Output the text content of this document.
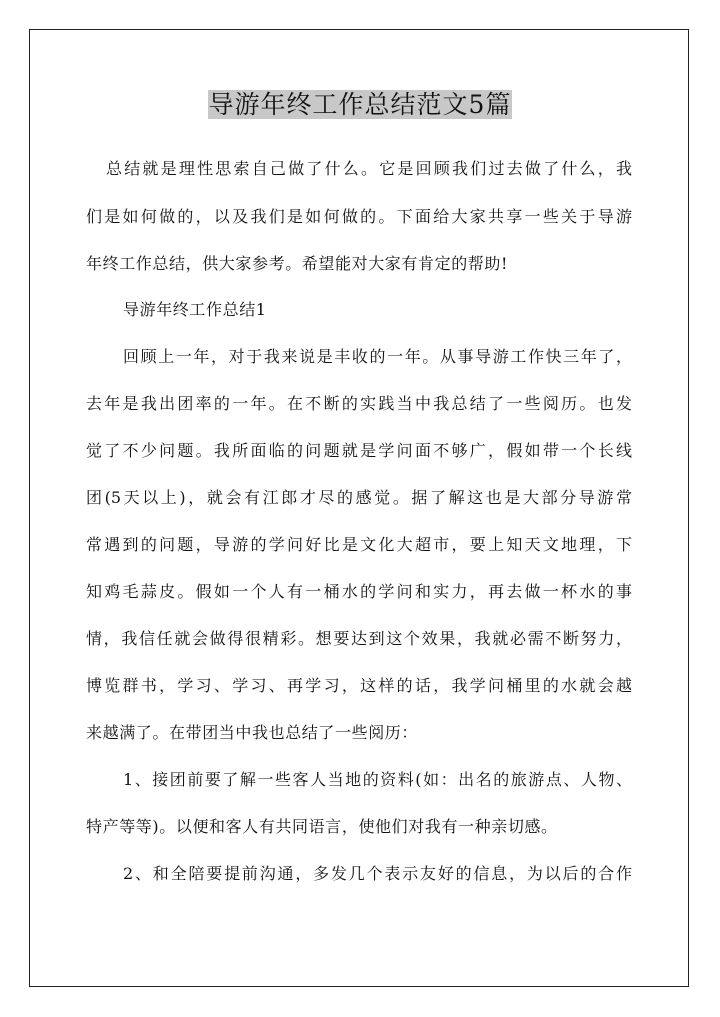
导游年终工作总结范文5篇
总结就是理性思索自己做了什么。它是回顾我们过去做了什么，我
们是如何做的，以及我们是如何做的。下面给大家共享一些关于导游
年终工作总结，供大家参考。希望能对大家有肯定的帮助!
导游年终工作总结1
回顾上一年，对于我来说是丰收的一年。从事导游工作快三年了，
去年是我出团率的一年。在不断的实践当中我总结了一些阅历。也发
觉了不少问题。我所面临的问题就是学问面不够广，假如带一个长线
团(5天以上)，就会有江郎才尽的感觉。据了解这也是大部分导游常
常遇到的问题，导游的学问好比是文化大超市，要上知天文地理，下
知鸡毛蒜皮。假如一个人有一桶水的学问和实力，再去做一杯水的事
情，我信任就会做得很精彩。想要达到这个效果，我就必需不断努力，
博览群书，学习、学习、再学习，这样的话，我学问桶里的水就会越
来越满了。在带团当中我也总结了一些阅历：
1、接团前要了解一些客人当地的资料(如：出名的旅游点、人物、
特产等等)。以便和客人有共同语言，使他们对我有一种亲切感。
2、和全陪要提前沟通，多发几个表示友好的信息，为以后的合作
